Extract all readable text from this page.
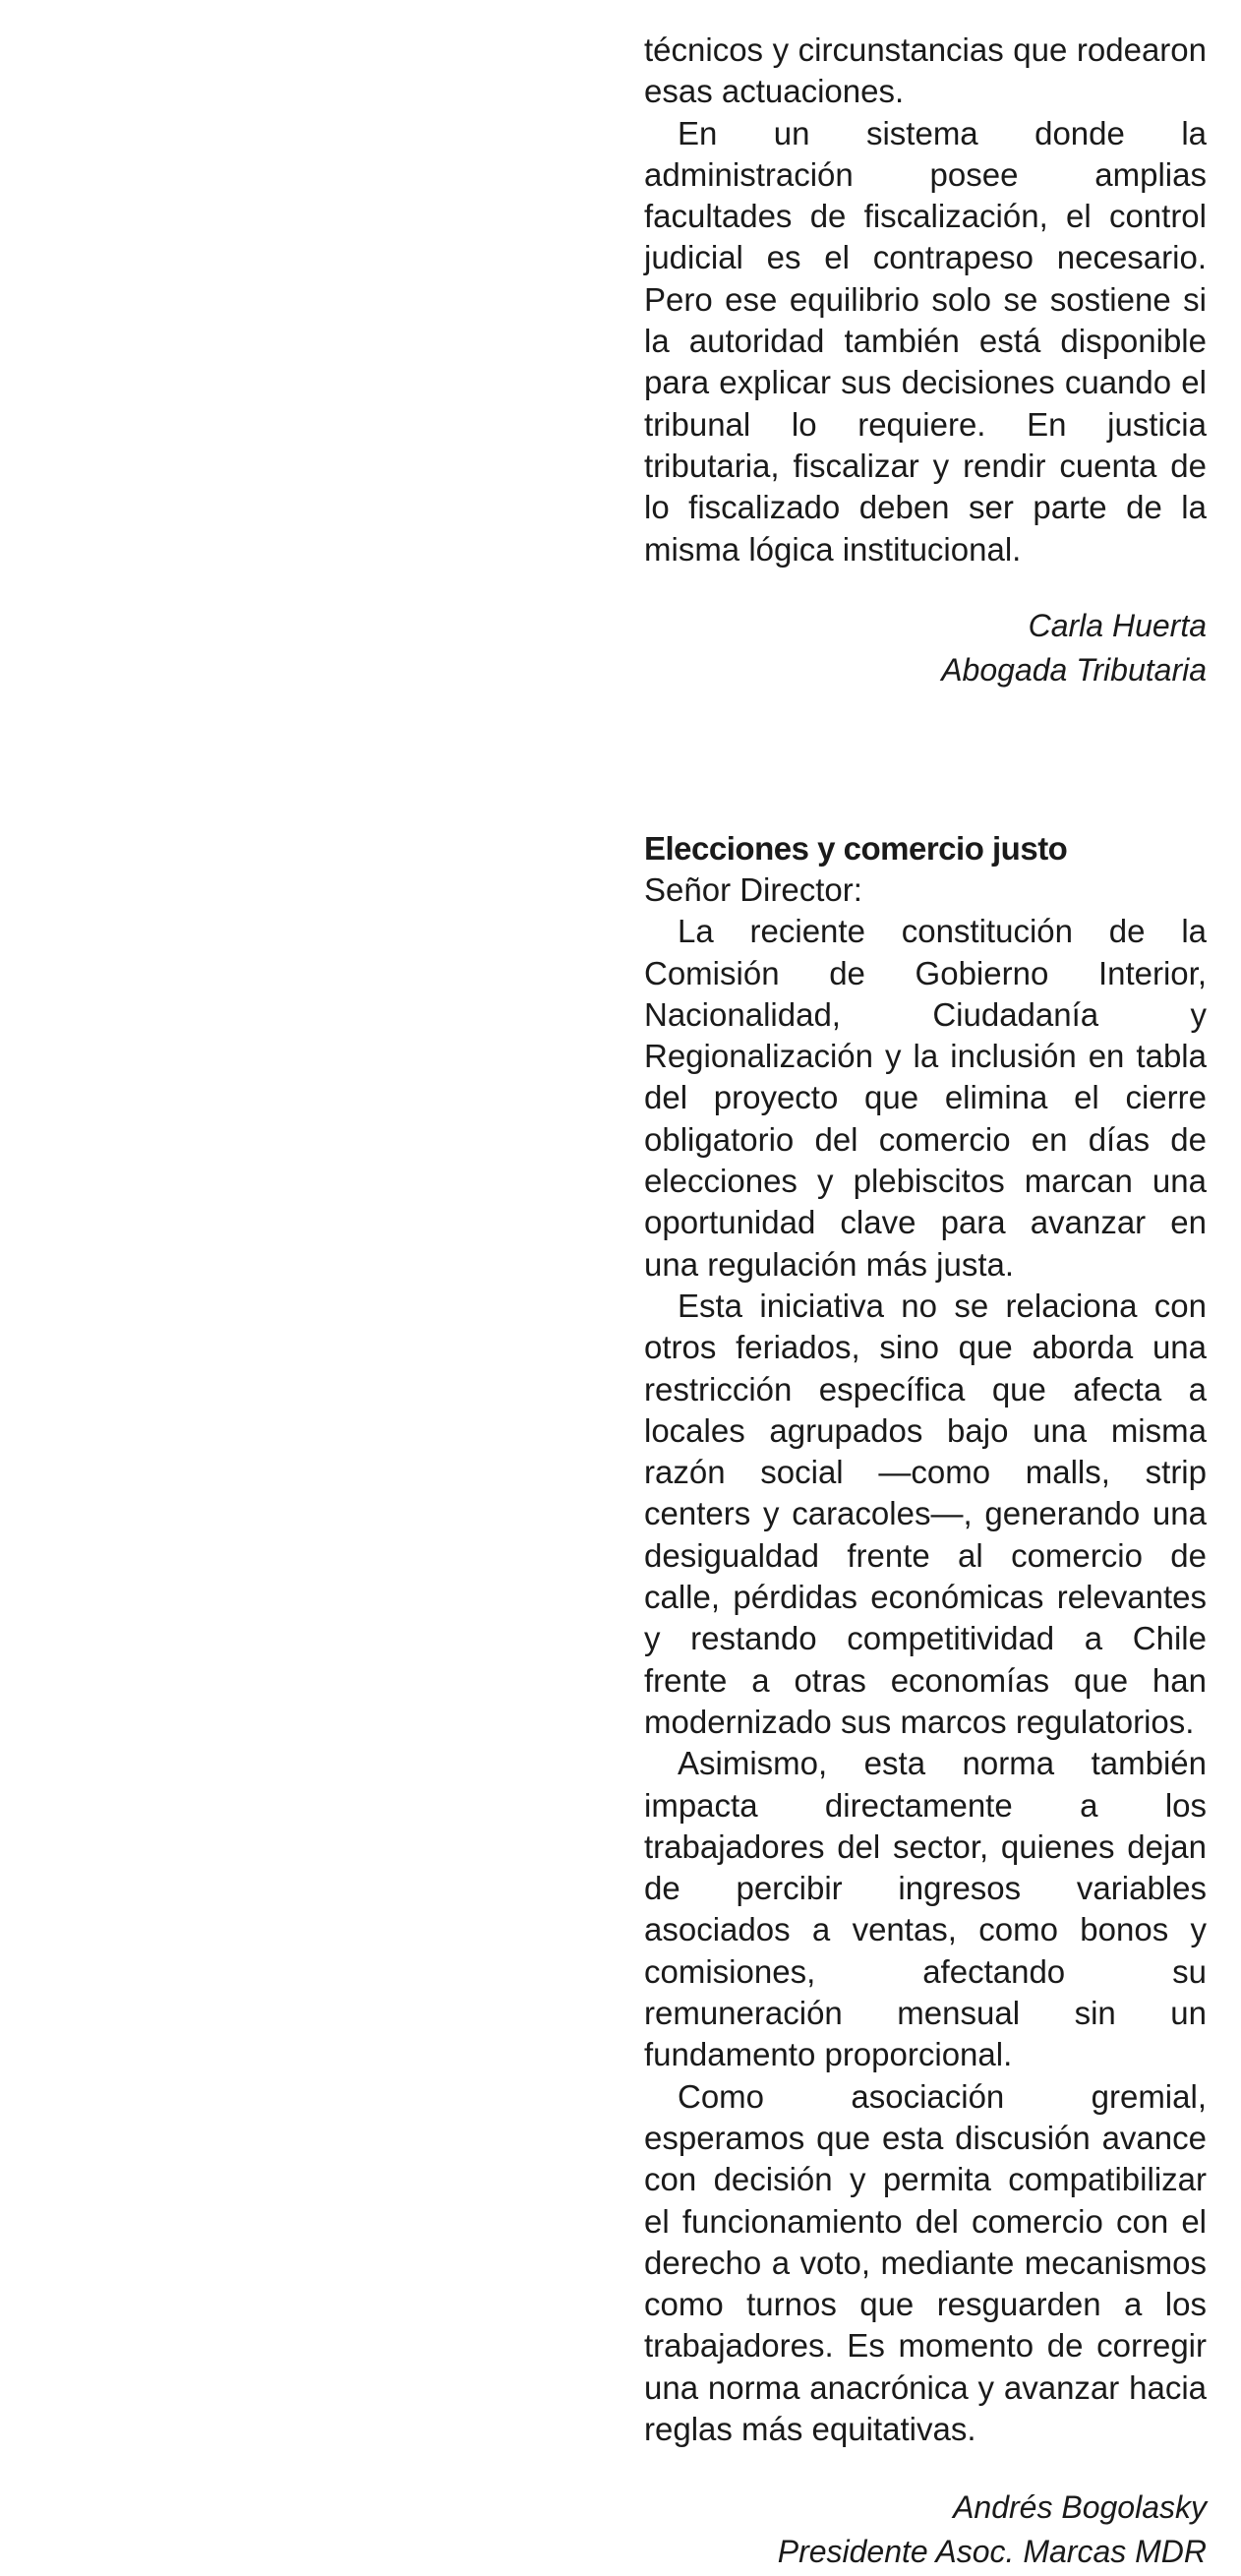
técnicos y circunstancias que rodearon esas actuaciones.

En un sistema donde la administración posee amplias facultades de fiscalización, el control judicial es el contrapeso necesario. Pero ese equilibrio solo se sostiene si la autoridad también está disponible para explicar sus decisiones cuando el tribunal lo requiere. En justicia tributaria, fiscalizar y rendir cuenta de lo fiscalizado deben ser parte de la misma lógica institucional.

Carla Huerta

Abogada Tributaria

Elecciones y comercio justo

Señor Director:

La reciente constitución de la Comisión de Gobierno Interior, Nacionalidad, Ciudadanía y Regionalización y la inclusión en tabla del proyecto que elimina el cierre obligatorio del comercio en días de elecciones y plebiscitos marcan una oportunidad clave para avanzar en una regulación más justa.

Esta iniciativa no se relaciona con otros feriados, sino que aborda una restricción específica que afecta a locales agrupados bajo una misma razón social —como malls, strip centers y caracoles—, generando una desigualdad frente al comercio de calle, pérdidas económicas relevantes y restando competitividad a Chile frente a otras economías que han modernizado sus marcos regulatorios.

Asimismo, esta norma también impacta directamente a los trabajadores del sector, quienes dejan de percibir ingresos variables asociados a ventas, como bonos y comisiones, afectando su remuneración mensual sin un fundamento proporcional.

Como asociación gremial, esperamos que esta discusión avance con decisión y permita compatibilizar el funcionamiento del comercio con el derecho a voto, mediante mecanismos como turnos que resguarden a los trabajadores. Es momento de corregir una norma anacrónica y avanzar hacia reglas más equitativas.

Andrés Bogolasky

Presidente Asoc. Marcas MDR
